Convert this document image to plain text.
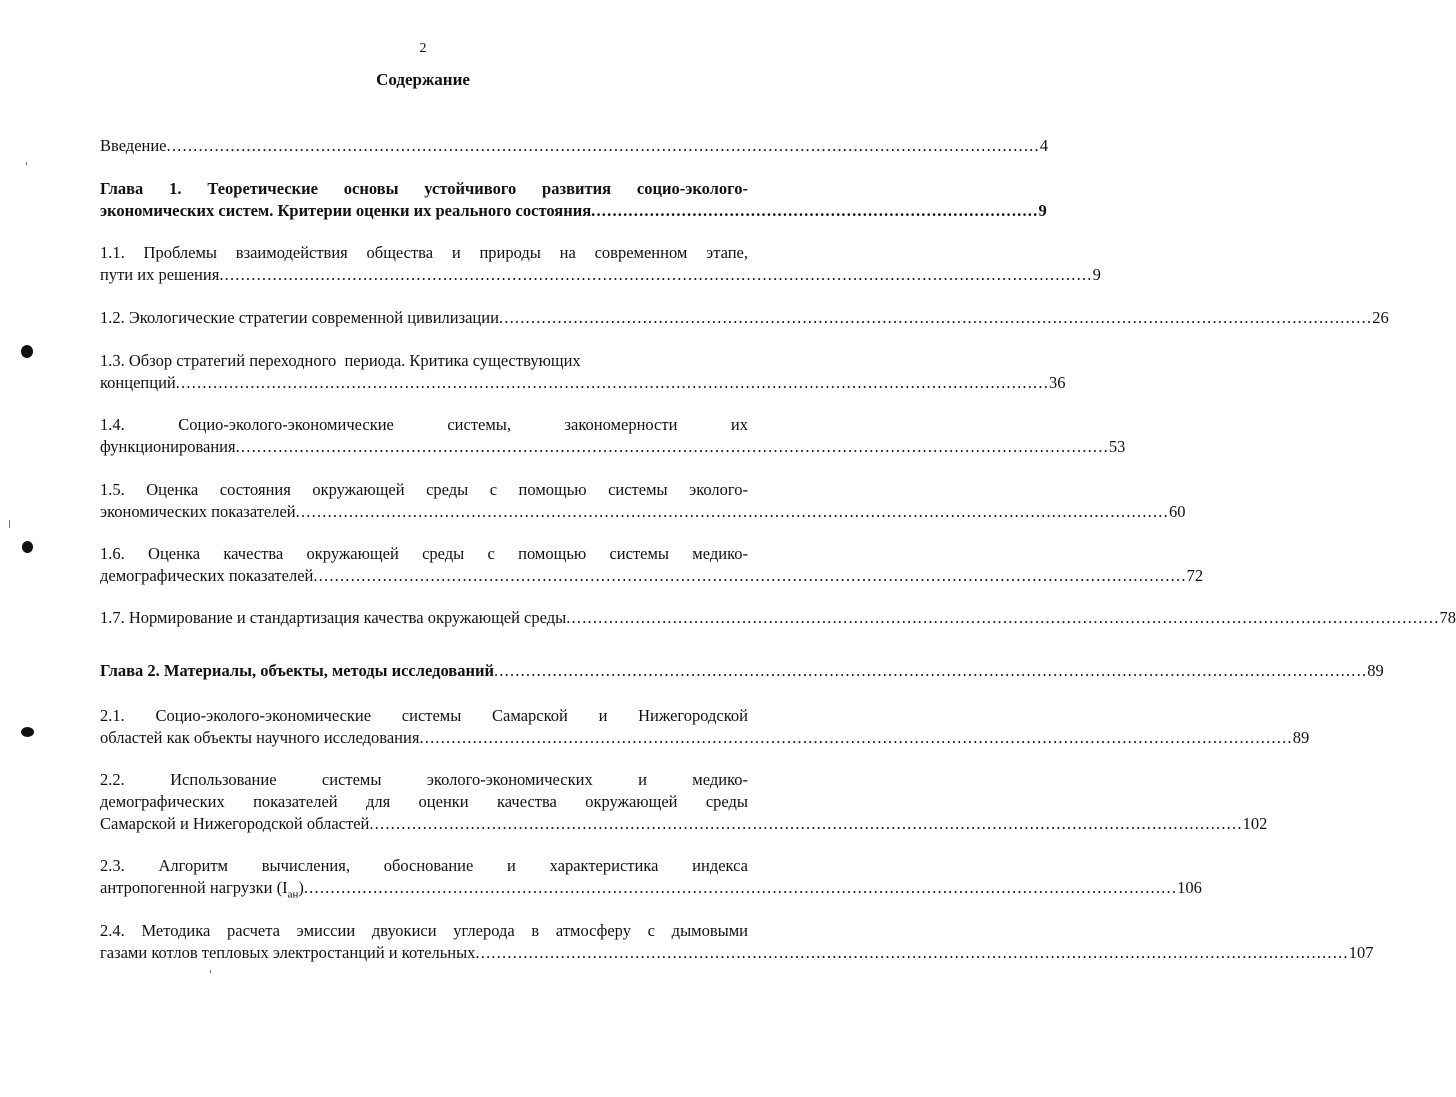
2
Содержание
Введение .................................................................................................................................................................... 4
Глава 1. Теоретические основы устойчивого развития социо-эколого-
экономических систем. Критерии оценки их реального состояния .................................................................................... 9
1.1. Проблемы взаимодействия общества и природы на современном этапе,
пути их решения .................................................................................................................................................................... 9
1.2. Экологические стратегии современной цивилизации .................................................................................................................................................................... 26
1.3. Обзор стратегий переходного  периода. Критика существующих
концепций .................................................................................................................................................................... 36
1.4. Социо-эколого-экономические системы, закономерности их
функционирования .................................................................................................................................................................... 53
1.5. Оценка состояния окружающей среды с помощью системы эколого-
экономических показателей .................................................................................................................................................................... 60
1.6. Оценка качества окружающей среды с помощью системы медико-
демографических показателей .................................................................................................................................................................... 72
1.7. Нормирование и стандартизация качества окружающей среды .................................................................................................................................................................... 78
Глава 2. Материалы, объекты, методы исследований .................................................................................................................................................................... 89
2.1. Социо-эколого-экономические системы Самарской и Нижегородской
областей как объекты научного исследования .................................................................................................................................................................... 89
2.2. Использование системы эколого-экономических и медико-
демографических показателей для оценки качества окружающей среды
Самарской и Нижегородской областей .................................................................................................................................................................... 102
2.3. Алгоритм вычисления, обоснование и характеристика индекса
антропогенной нагрузки $(I_{ан})$ .................................................................................................................................................................... 106
2.4. Методика расчета эмиссии двуокиси углерода в атмосферу с дымовыми
газами котлов тепловых электростанций и котельных .................................................................................................................................................................... 107
